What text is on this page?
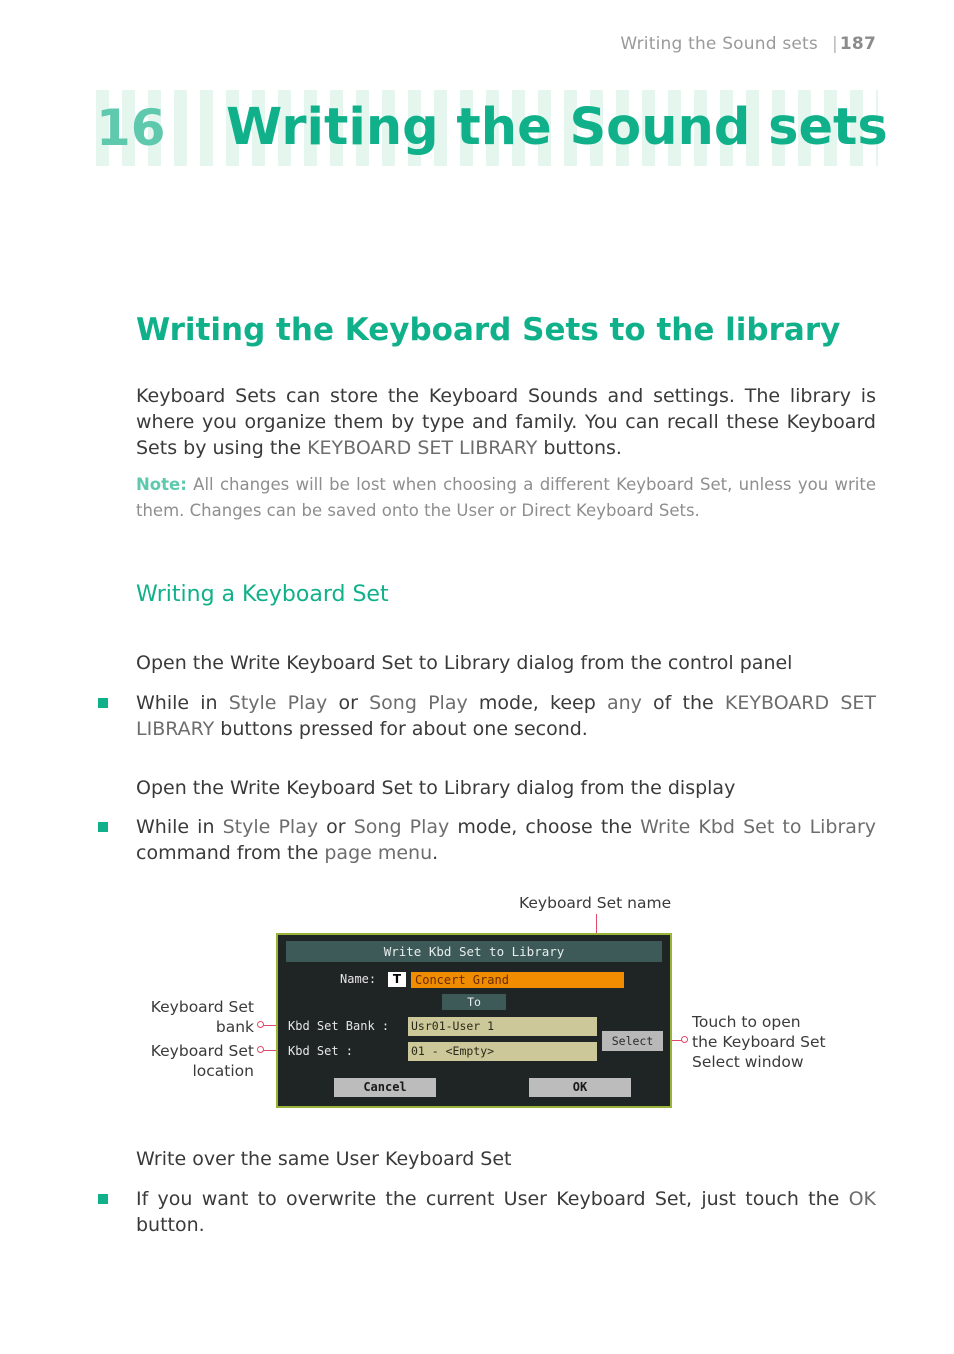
Writing the Sound sets | 187
16 Writing the Sound sets
Writing the Keyboard Sets to the library

Keyboard Sets can store the Keyboard Sounds and settings. The library is where you organize them by type and family. You can recall these Keyboard Sets by using the KEYBOARD SET LIBRARY buttons.

Note: All changes will be lost when choosing a different Keyboard Set, unless you write them. Changes can be saved onto the User or Direct Keyboard Sets.

Writing a Keyboard Set
Open the Write Keyboard Set to Library dialog from the control panel

While in Style Play or Song Play mode, keep any of the KEYBOARD SET LIBRARY buttons pressed for about one second.

Open the Write Keyboard Set to Library dialog from the display

While in Style Play or Song Play mode, choose the Write Kbd Set to Library command from the page menu.

Keyboard Set name
Keyboard Set
bank
Keyboard Set
location
Touch to open
the Keyboard Set
Select window
Write Kbd Set to Library
Name:	T	Concert Grand
To
Kbd Set Bank : Usr01-User 1
Kbd Set :	01 - <Empty>
Select
Cancel	OK
Write over the same User Keyboard Set

If you want to overwrite the current User Keyboard Set, just touch the OK button.
